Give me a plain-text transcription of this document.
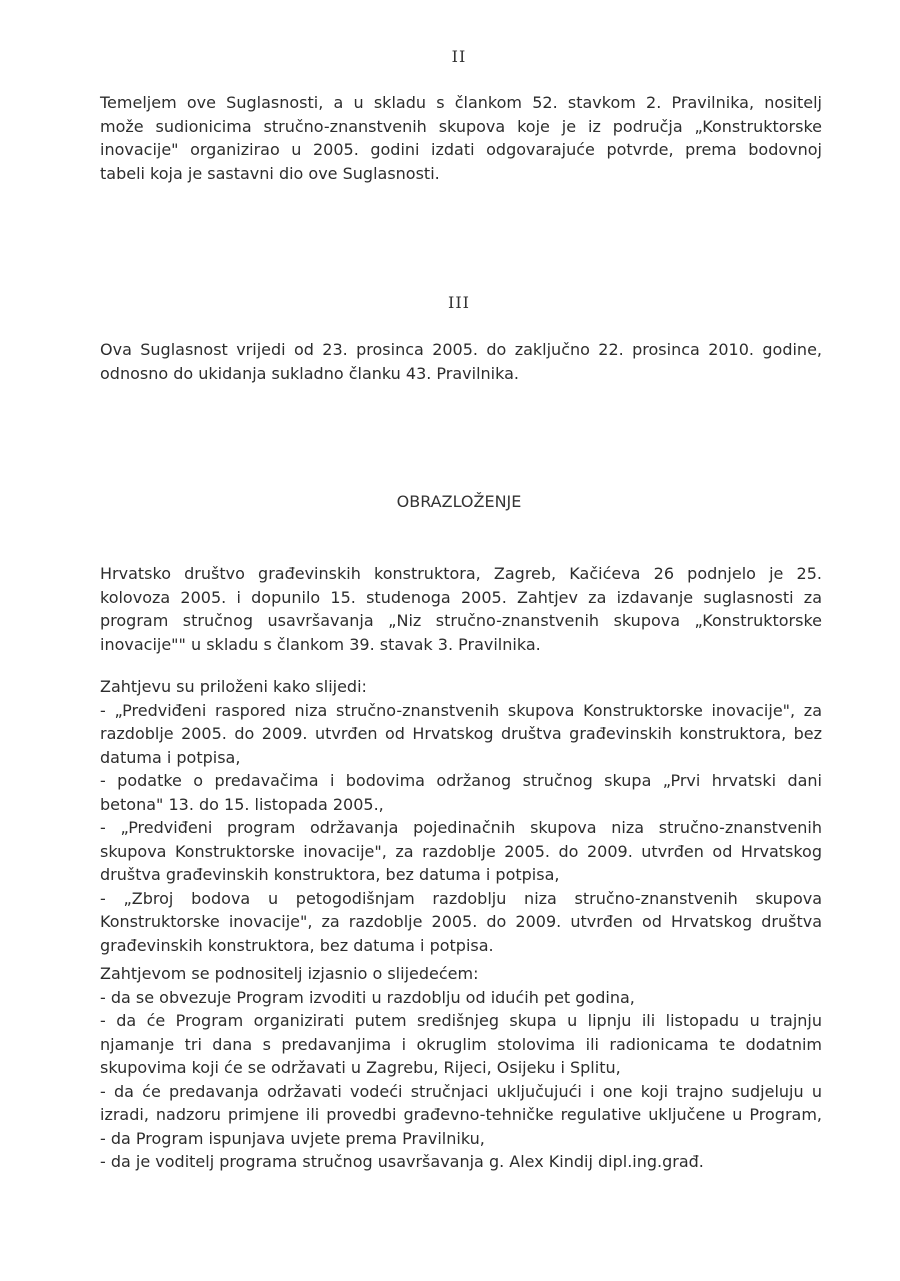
II
Temeljem ove Suglasnosti, a u skladu s člankom 52. stavkom 2. Pravilnika, nositelj
može sudionicima stručno-znanstvenih skupova koje je iz područja „Konstruktorske
inovacije" organizirao u 2005. godini izdati odgovarajuće potvrde, prema bodovnoj
tabeli koja je sastavni dio ove Suglasnosti.
III
Ova Suglasnost vrijedi od 23. prosinca 2005. do zaključno 22. prosinca 2010. godine,
odnosno do ukidanja sukladno članku 43. Pravilnika.
OBRAZLOŽENJE
Hrvatsko društvo građevinskih konstruktora, Zagreb, Kačićeva 26 podnjelo je 25.
kolovoza 2005. i dopunilo 15. studenoga 2005. Zahtjev za izdavanje suglasnosti za
program stručnog usavršavanja „Niz stručno-znanstvenih skupova „Konstruktorske
inovacije"" u skladu s člankom 39. stavak 3. Pravilnika.
Zahtjevu su priloženi kako slijedi:
- „Predviđeni raspored niza stručno-znanstvenih skupova Konstruktorske inovacije", za
razdoblje 2005. do 2009. utvrđen od Hrvatskog društva građevinskih konstruktora, bez
datuma i potpisa,
- podatke o predavačima i bodovima održanog stručnog skupa „Prvi hrvatski dani
betona" 13. do 15. listopada 2005.,
- „Predviđeni program održavanja pojedinačnih skupova niza stručno-znanstvenih
skupova Konstruktorske inovacije", za razdoblje 2005. do 2009. utvrđen od Hrvatskog
društva građevinskih konstruktora, bez datuma i potpisa,
- „Zbroj bodova u petogodišnjam razdoblju niza stručno-znanstvenih skupova
Konstruktorske inovacije", za razdoblje 2005. do 2009. utvrđen od Hrvatskog društva
građevinskih konstruktora, bez datuma i potpisa.
Zahtjevom se podnositelj izjasnio o slijedećem:
- da se obvezuje Program izvoditi u razdoblju od idućih pet godina,
- da će Program organizirati putem središnjeg skupa u lipnju ili listopadu u trajnju
njamanje tri dana s predavanjima i okruglim stolovima ili radionicama te dodatnim
skupovima koji će se održavati u Zagrebu, Rijeci, Osijeku i Splitu,
- da će predavanja održavati vodeći stručnjaci uključujući i one koji trajno sudjeluju u
izradi, nadzoru primjene ili provedbi građevno-tehničke regulative uključene u Program,
- da Program ispunjava uvjete prema Pravilniku,
- da je voditelj programa stručnog usavršavanja g. Alex Kindij dipl.ing.građ.
